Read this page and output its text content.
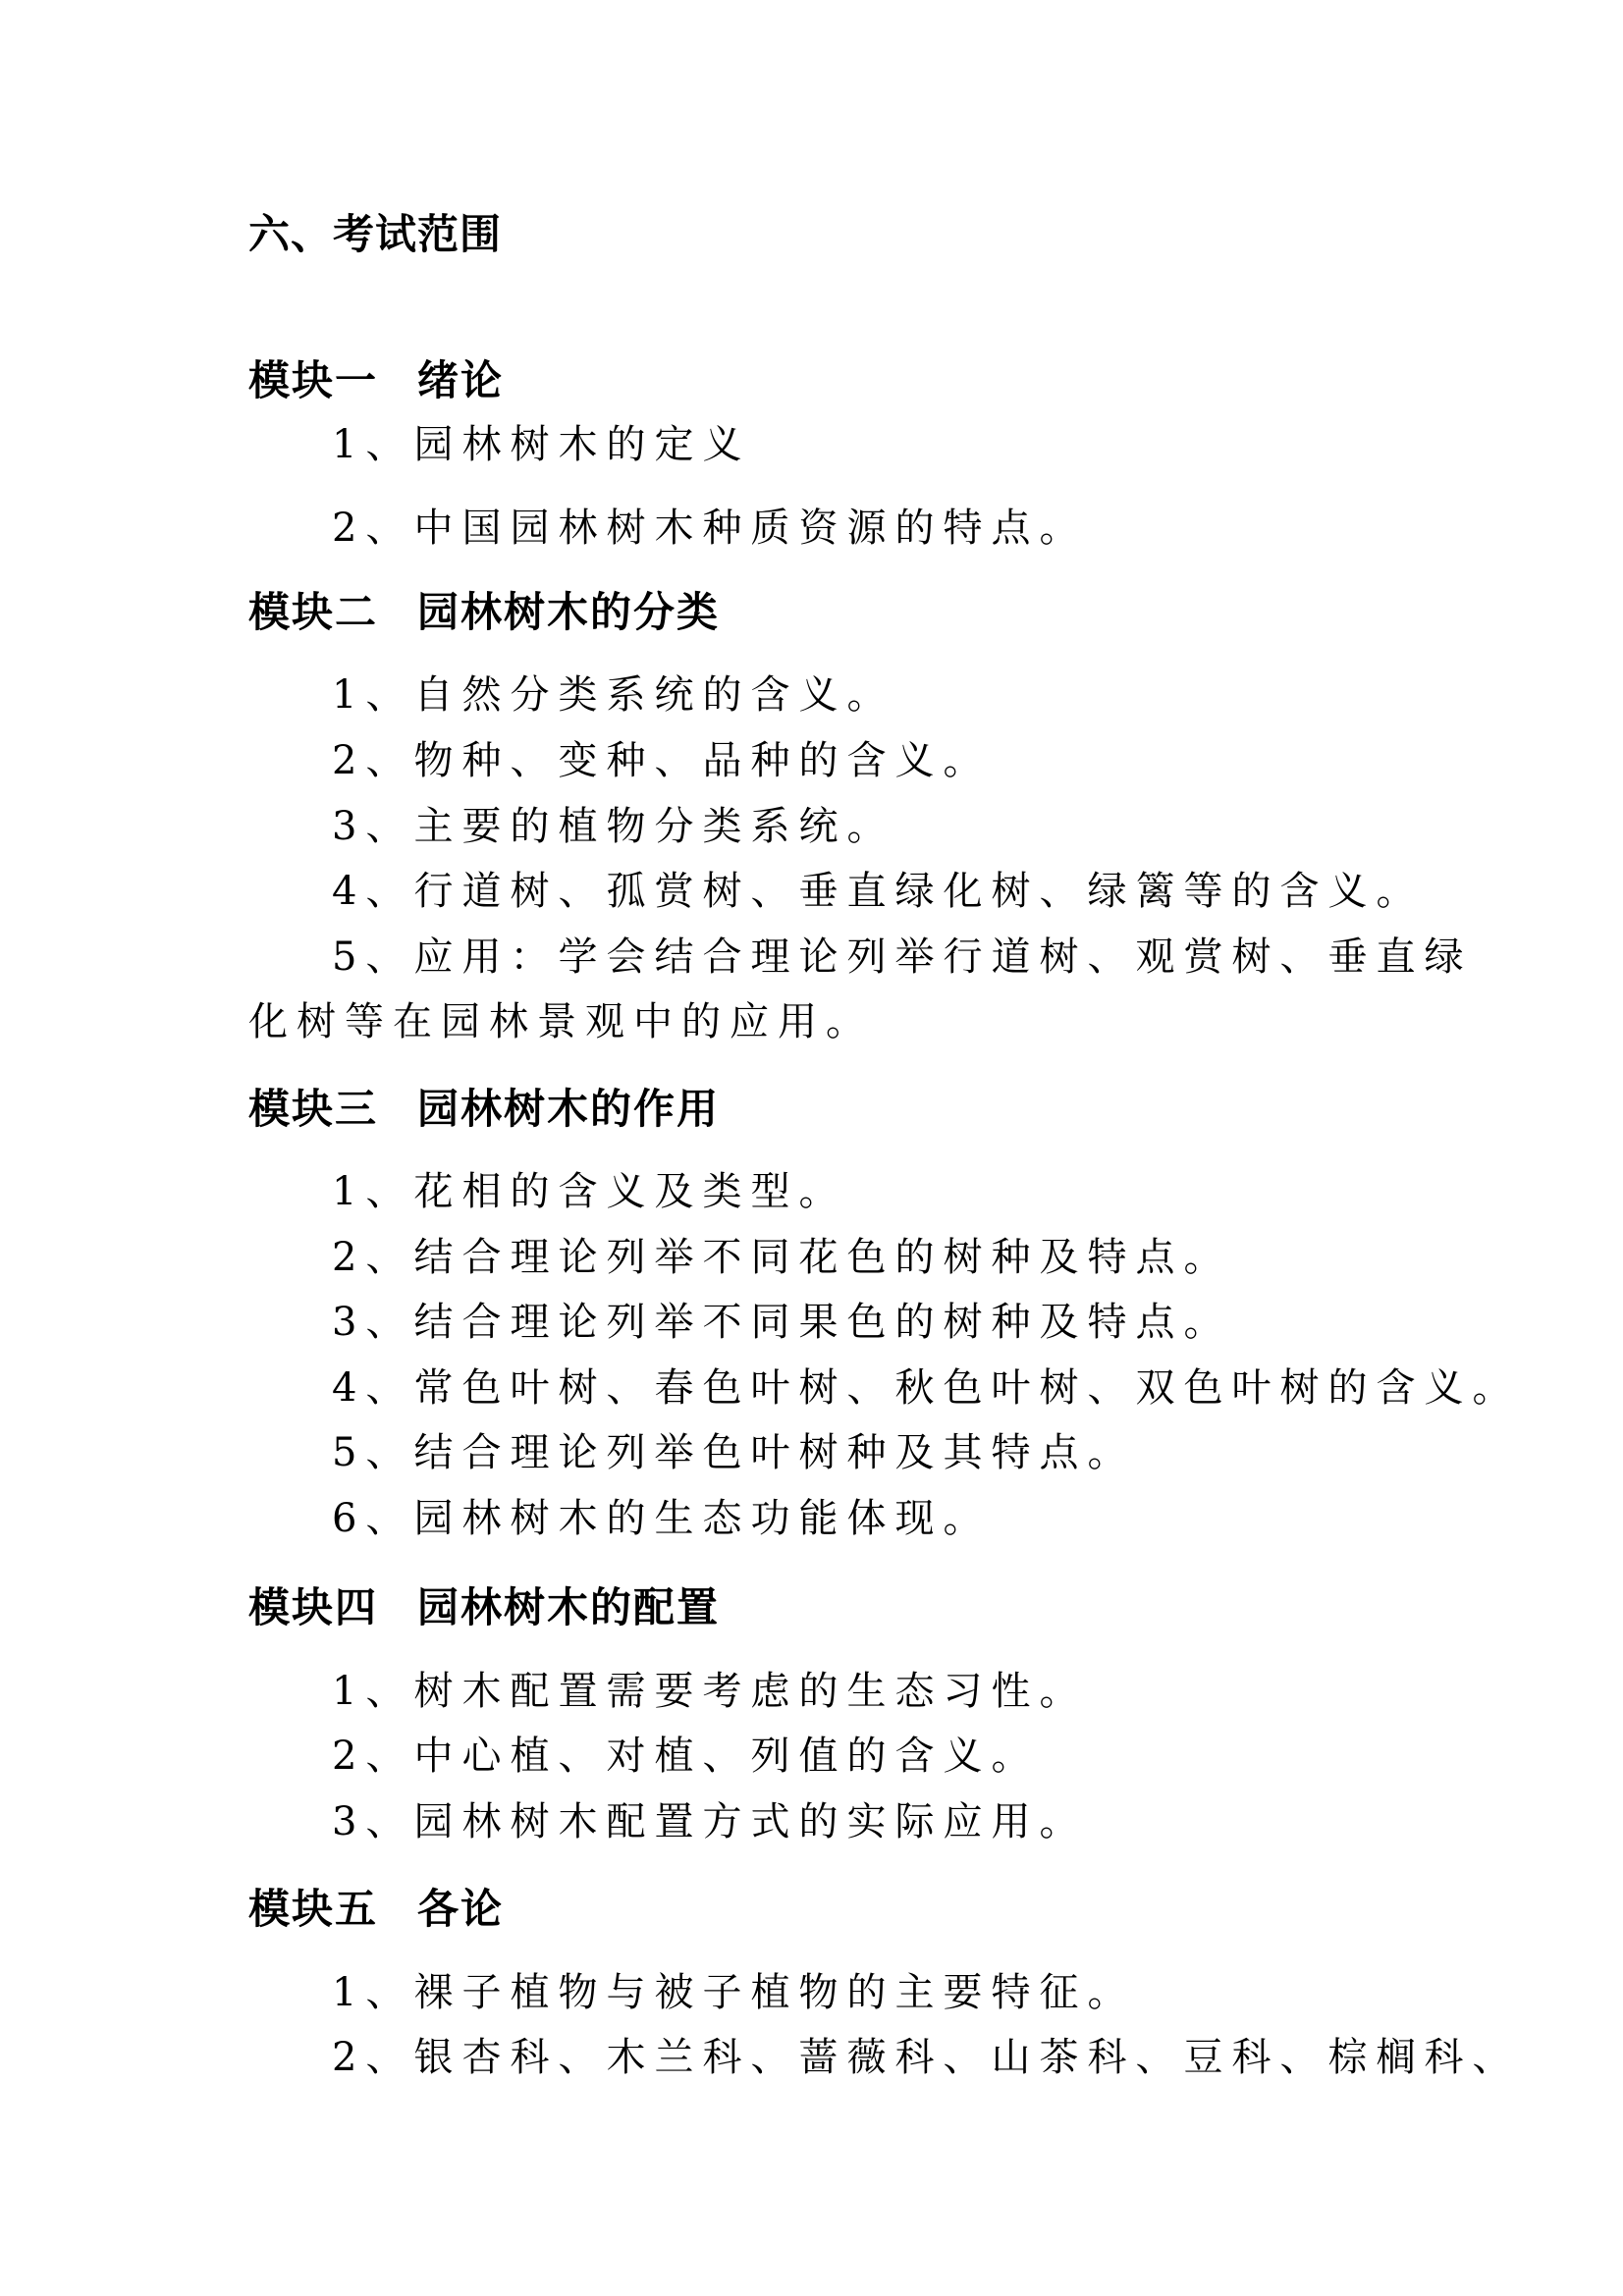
六、考试范围
模块一 绪论
1、园林树木的定义
2、中国园林树木种质资源的特点。
模块二 园林树木的分类
1、自然分类系统的含义。
2、物种、变种、品种的含义。
3、主要的植物分类系统。
4、行道树、孤赏树、垂直绿化树、绿篱等的含义。
5、应用：学会结合理论列举行道树、观赏树、垂直绿
化树等在园林景观中的应用。
模块三 园林树木的作用
1、花相的含义及类型。
2、结合理论列举不同花色的树种及特点。
3、结合理论列举不同果色的树种及特点。
4、常色叶树、春色叶树、秋色叶树、双色叶树的含义。
5、结合理论列举色叶树种及其特点。
6、园林树木的生态功能体现。
模块四 园林树木的配置
1、树木配置需要考虑的生态习性。
2、中心植、对植、列值的含义。
3、园林树木配置方式的实际应用。
模块五 各论
1、裸子植物与被子植物的主要特征。
2、银杏科、木兰科、蔷薇科、山茶科、豆科、棕榈科、
